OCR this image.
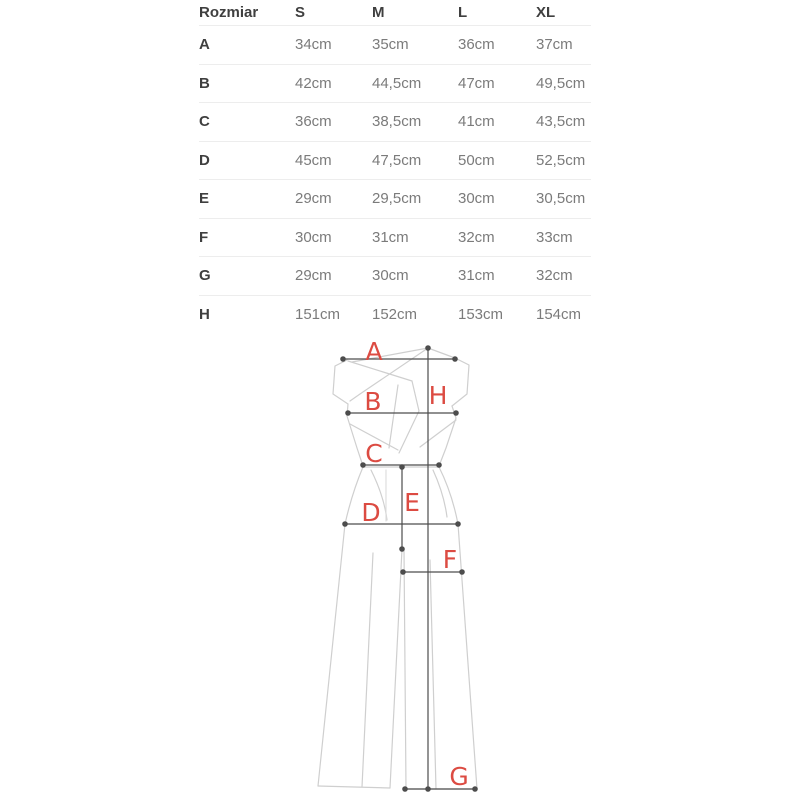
Rozmiar	S	M	L	XL
A	34cm	35cm	36cm	37cm
B	42cm	44,5cm	47cm	49,5cm
C	36cm	38,5cm	41cm	43,5cm
D	45cm	47,5cm	50cm	52,5cm
E	29cm	29,5cm	30cm	30,5cm
F	30cm	31cm	32cm	33cm
G	29cm	30cm	31cm	32cm
H	151cm	152cm	153cm	154cm
A
B
C
D E
F
G
H
